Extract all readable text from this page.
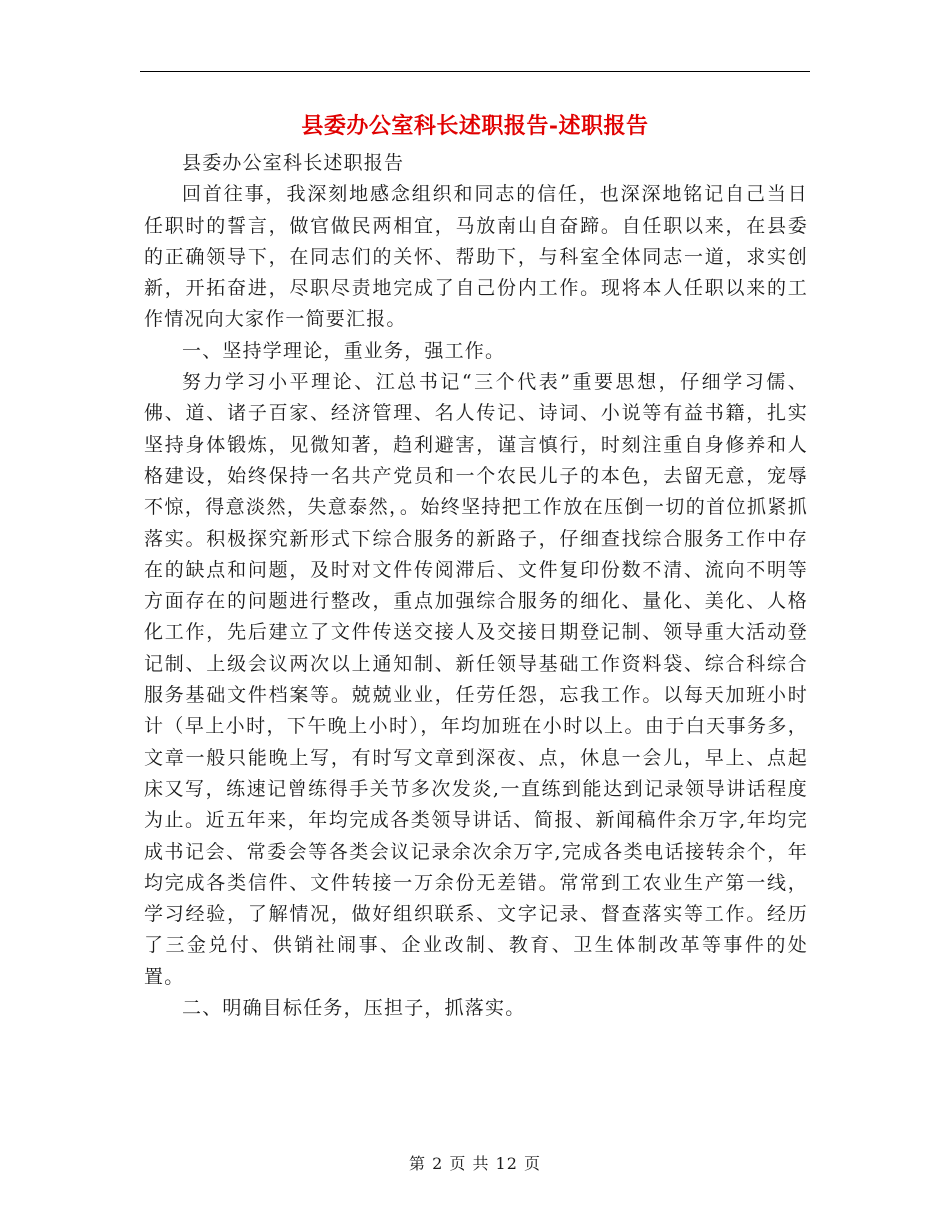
县委办公室科长述职报告-述职报告

县委办公室科长述职报告

回首往事，我深刻地感念组织和同志的信任，也深深地铭记自己当日任职时的誓言，做官做民两相宜，马放南山自奋蹄。自任职以来，在县委的正确领导下，在同志们的关怀、帮助下，与科室全体同志一道，求实创新，开拓奋进，尽职尽责地完成了自己份内工作。现将本人任职以来的工作情况向大家作一简要汇报。

一、坚持学理论，重业务，强工作。

努力学习小平理论、江总书记“三个代表”重要思想，仔细学习儒、佛、道、诸子百家、经济管理、名人传记、诗词、小说等有益书籍，扎实坚持身体锻炼，见微知著，趋利避害，谨言慎行，时刻注重自身修养和人格建设，始终保持一名共产党员和一个农民儿子的本色，去留无意，宠辱不惊，得意淡然，失意泰然，。始终坚持把工作放在压倒一切的首位抓紧抓落实。积极探究新形式下综合服务的新路子，仔细查找综合服务工作中存在的缺点和问题，及时对文件传阅滞后、文件复印份数不清、流向不明等方面存在的问题进行整改，重点加强综合服务的细化、量化、美化、人格化工作，先后建立了文件传送交接人及交接日期登记制、领导重大活动登记制、上级会议两次以上通知制、新任领导基础工作资料袋、综合科综合服务基础文件档案等。兢兢业业，任劳任怨，忘我工作。以每天加班小时计（早上小时，下午晚上小时），年均加班在小时以上。由于白天事务多，文章一般只能晚上写，有时写文章到深夜、点，休息一会儿，早上、点起床又写，练速记曾练得手关节多次发炎,一直练到能达到记录领导讲话程度为止。近五年来，年均完成各类领导讲话、简报、新闻稿件余万字,年均完成书记会、常委会等各类会议记录余次余万字,完成各类电话接转余个，年均完成各类信件、文件转接一万余份无差错。常常到工农业生产第一线，学习经验，了解情况，做好组织联系、文字记录、督查落实等工作。经历了三金兑付、供销社闹事、企业改制、教育、卫生体制改革等事件的处置。

二、明确目标任务，压担子，抓落实。

第 2 页 共 12 页
